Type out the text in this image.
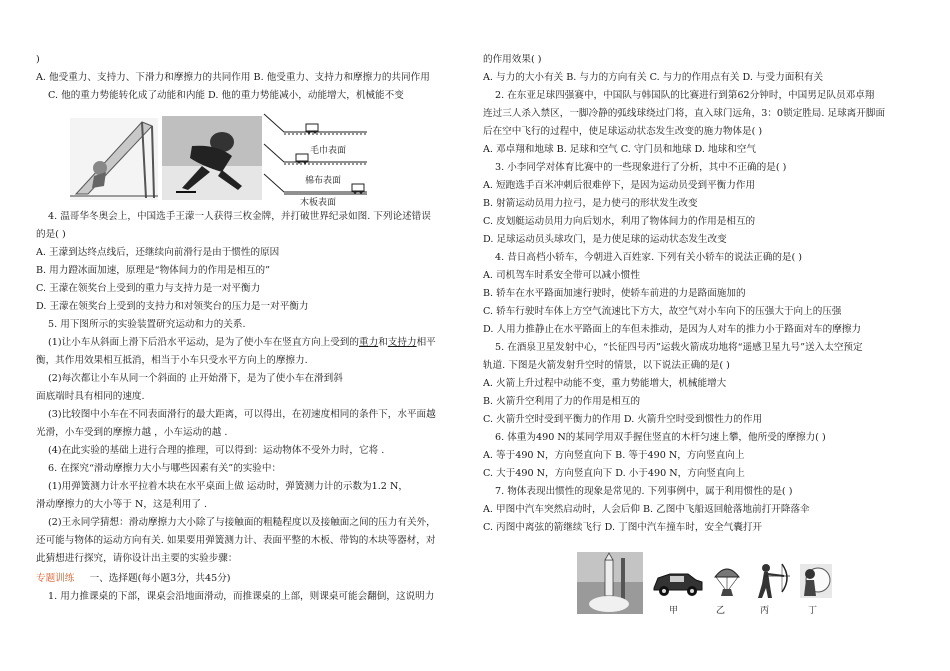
)
A. 他受重力、支持力、下滑力和摩擦力的共同作用 B. 他受重力、支持力和摩擦力的共同作用
C. 他的重力势能转化成了动能和内能 D. 他的重力势能减小，动能增大，机械能不变
毛巾表面
棉布表面
木板表面
4. 温哥华冬奥会上，中国选手王濛一人获得三枚金牌，并打破世界纪录如图. 下列论述错误
的是( )
A. 王濛到达终点线后，还继续向前滑行是由于惯性的原因
B. 用力蹬冰面加速，原理是“物体间力的作用是相互的”
C. 王濛在领奖台上受到的重力与支持力是一对平衡力
D. 王濛在领奖台上受到的支持力和对领奖台的压力是一对平衡力
5. 用下图所示的实验装置研究运动和力的关系.
(1)让小车从斜面上滑下后沿水平运动，是为了使小车在竖直方向上受到的重力和支持力相平
衡，其作用效果相互抵消，相当于小车只受水平方向上的摩擦力.
(2)每次都让小车从同一个斜面的 止开始滑下，是为了使小车在滑到斜
面底端时具有相同的速度.
(3)比较图中小车在不同表面滑行的最大距离，可以得出，在初速度相同的条件下，水平面越
光滑，小车受到的摩擦力越 ，小车运动的越 .
(4)在此实验的基础上进行合理的推理，可以得到：运动物体不受外力时，它将 .
6. 在探究“滑动摩擦力大小与哪些因素有关”的实验中：
(1)用弹簧测力计水平拉着木块在水平桌面上做 运动时，弹簧测力计的示数为1.2 N，
滑动摩擦力的大小等于 N，这是利用了 .
(2)王永同学猜想：滑动摩擦力大小除了与接触面的粗糙程度以及接触面之间的压力有关外，
还可能与物体的运动方向有关. 如果要用弹簧测力计、表面平整的木板、带钩的木块等器材，对
此猜想进行探究，请你设计出主要的实验步骤：
专题训练 一、选择题(每小题3分，共45分)
1. 用力推课桌的下部，课桌会沿地面滑动，而推课桌的上部，则课桌可能会翻倒，这说明力
的作用效果( )
A. 与力的大小有关 B. 与力的方向有关 C. 与力的作用点有关 D. 与受力面积有关
2. 在东亚足球四强赛中，中国队与韩国队的比赛进行到第62分钟时，中国男足队员邓卓翔
连过三人杀入禁区，一脚冷静的弧线球绕过门将，直入球门远角，3：0锁定胜局. 足球离开脚面
后在空中飞行的过程中，使足球运动状态发生改变的施力物体是( )
A. 邓卓翔和地球 B. 足球和空气 C. 守门员和地球 D. 地球和空气
3. 小李同学对体育比赛中的一些现象进行了分析，其中不正确的是( )
A. 短跑选手百米冲刺后很难停下，是因为运动员受到平衡力作用
B. 射箭运动员用力拉弓，是力使弓的形状发生改变
C. 皮划艇运动员用力向后划水，利用了物体间力的作用是相互的
D. 足球运动员头球攻门，是力使足球的运动状态发生改变
4. 昔日高档小轿车，今朝进入百姓家. 下列有关小轿车的说法正确的是( )
A. 司机驾车时系安全带可以减小惯性
B. 轿车在水平路面加速行驶时，使轿车前进的力是路面施加的
C. 轿车行驶时车体上方空气流速比下方大，故空气对小车向下的压强大于向上的压强
D. 人用力推静止在水平路面上的车但未推动，是因为人对车的推力小于路面对车的摩擦力
5. 在酒泉卫星发射中心，“长征四号丙”运载火箭成功地将“遥感卫星九号”送入太空预定
轨道. 下图是火箭发射升空时的情景，以下说法正确的是( )
A. 火箭上升过程中动能不变，重力势能增大，机械能增大
B. 火箭升空利用了力的作用是相互的
C. 火箭升空时受到平衡力的作用 D. 火箭升空时受到惯性力的作用
6. 体重为490 N的某同学用双手握住竖直的木杆匀速上攀，他所受的摩擦力( )
A. 等于490 N，方向竖直向下 B. 等于490 N，方向竖直向上
C. 大于490 N，方向竖直向下 D. 小于490 N，方向竖直向上
7. 物体表现出惯性的现象是常见的. 下列事例中，属于利用惯性的是( )
A. 甲图中汽车突然启动时，人会后仰 B. 乙图中飞船返回舱落地前打开降落伞
C. 丙图中离弦的箭继续飞行 D. 丁图中汽车撞车时，安全气囊打开
甲	乙	丙	丁
